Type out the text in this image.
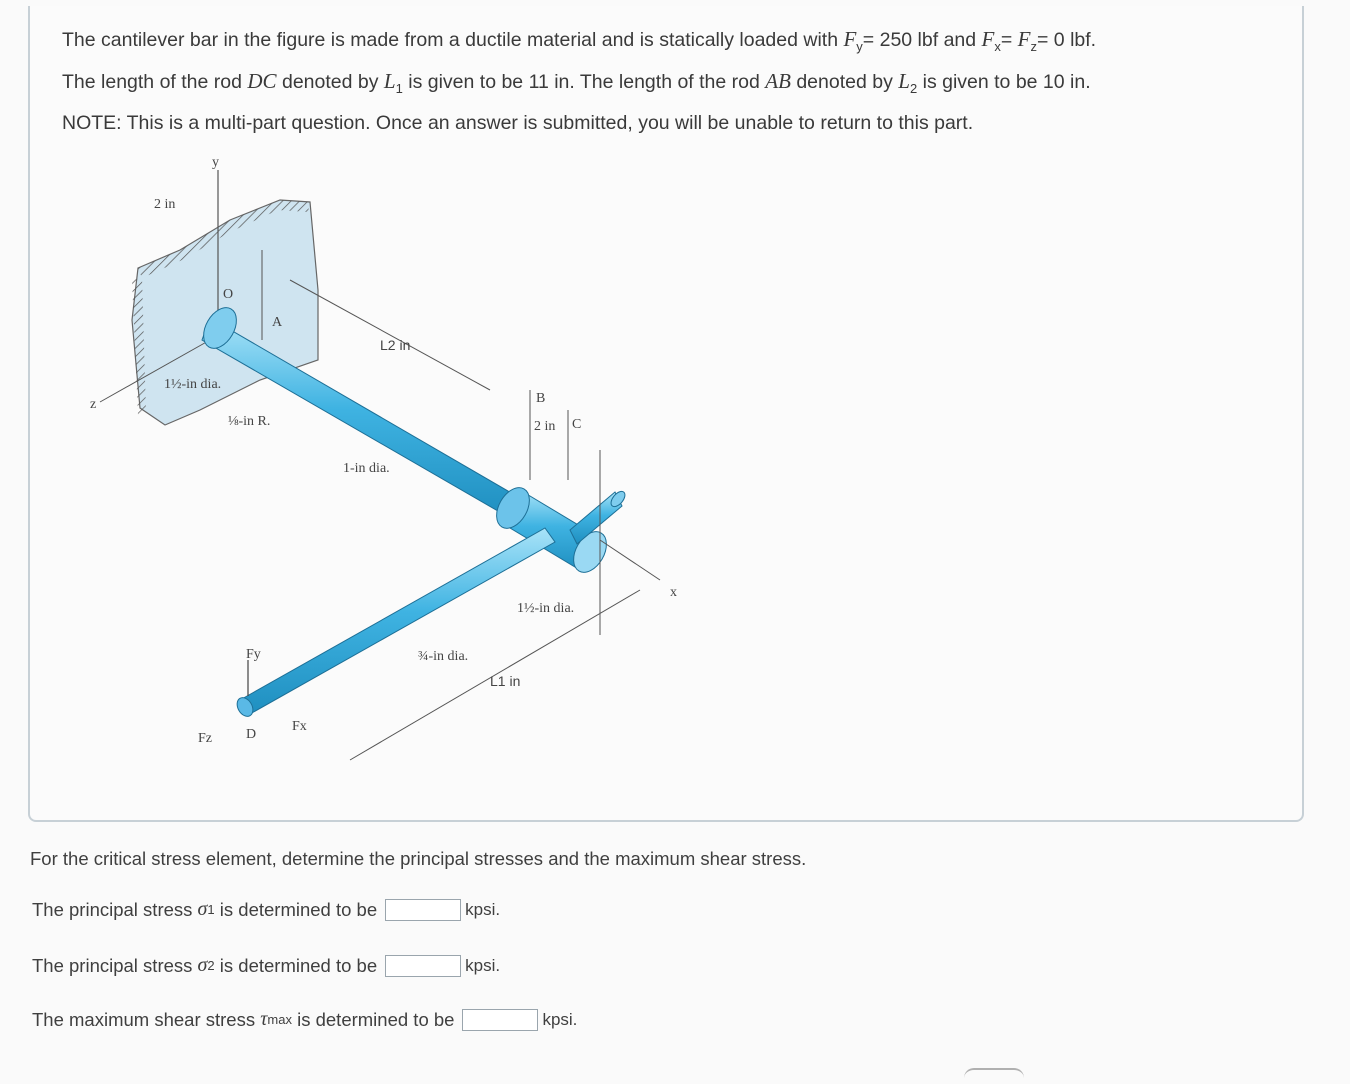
The cantilever bar in the figure is made from a ductile material and is statically loaded with $F_y= 250$ lbf and $F_x= F_z= 0$ lbf.

The length of the rod DC denoted by $L_1$ is given to be 11 in. The length of the rod AB denoted by $L_2$ is given to be 10 in.

NOTE: This is a multi-part question. Once an answer is submitted, you will be unable to return to this part.

y
z
2 in
O
A
L2 in
B
2 in C
x
L1 in
1½-in dia.
⅛-in R.
1-in dia.
1½-in dia.
¾-in dia.
Fy
Fx
Fz D
For the critical stress element, determine the principal stresses and the maximum shear stress.
The principal stress
σ 1
is determined to be	kpsi.
The principal stress
σ 2
is determined to be	kpsi.
The maximum shear stress
τ max
is determined to be	kpsi.
